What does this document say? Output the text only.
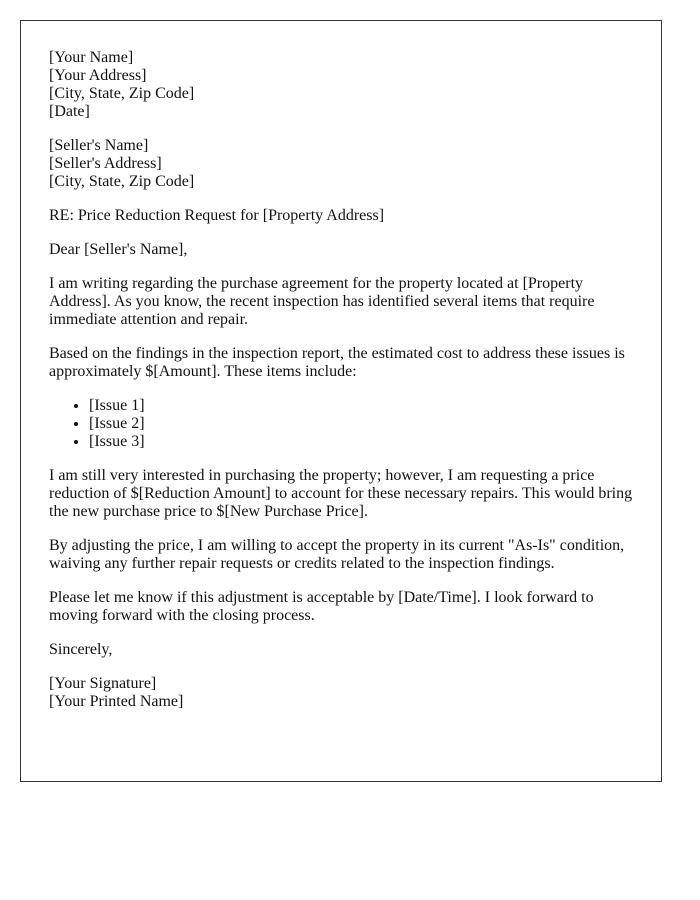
[Your Name]
[Your Address]
[City, State, Zip Code]
[Date]

[Seller's Name]
[Seller's Address]
[City, State, Zip Code]

RE: Price Reduction Request for [Property Address]

Dear [Seller's Name],

I am writing regarding the purchase agreement for the property located at [Property Address]. As you know, the recent inspection has identified several items that require immediate attention and repair.

Based on the findings in the inspection report, the estimated cost to address these issues is approximately $[Amount]. These items include:

• [Issue 1]
• [Issue 2]
• [Issue 3]

I am still very interested in purchasing the property; however, I am requesting a price reduction of $[Reduction Amount] to account for these necessary repairs. This would bring the new purchase price to $[New Purchase Price].

By adjusting the price, I am willing to accept the property in its current "As-Is" condition, waiving any further repair requests or credits related to the inspection findings.

Please let me know if this adjustment is acceptable by [Date/Time]. I look forward to moving forward with the closing process.

Sincerely,

[Your Signature]
[Your Printed Name]
